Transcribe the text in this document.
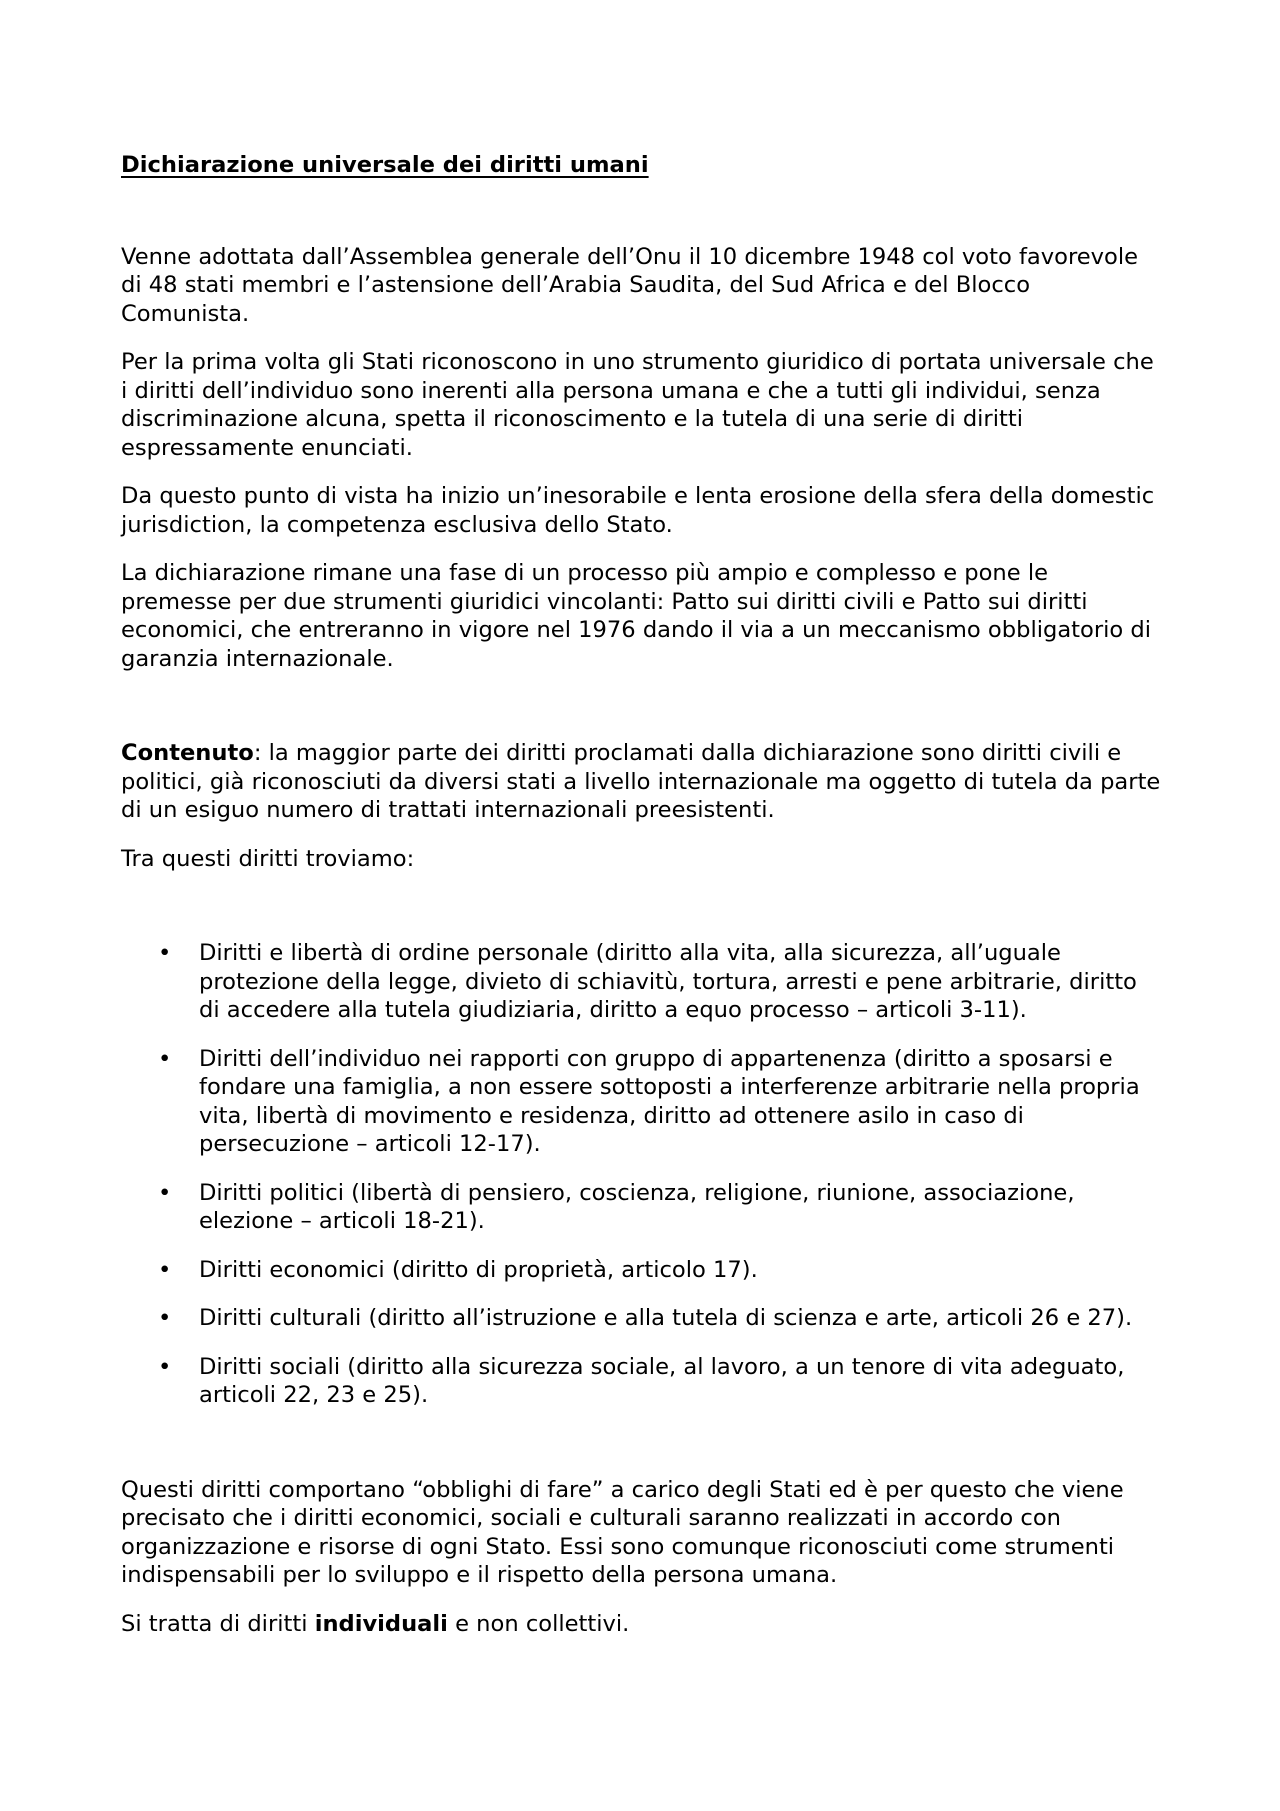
Dichiarazione universale dei diritti umani

Venne adottata dall’Assemblea generale dell’Onu il 10 dicembre 1948 col voto favorevole di 48 stati membri e l’astensione dell’Arabia Saudita, del Sud Africa e del Blocco Comunista.

Per la prima volta gli Stati riconoscono in uno strumento giuridico di portata universale che i diritti dell’individuo sono inerenti alla persona umana e che a tutti gli individui, senza discriminazione alcuna, spetta il riconoscimento e la tutela di una serie di diritti espressamente enunciati.

Da questo punto di vista ha inizio un’inesorabile e lenta erosione della sfera della domestic jurisdiction, la competenza esclusiva dello Stato.

La dichiarazione rimane una fase di un processo più ampio e complesso e pone le premesse per due strumenti giuridici vincolanti: Patto sui diritti civili e Patto sui diritti economici, che entreranno in vigore nel 1976 dando il via a un meccanismo obbligatorio di garanzia internazionale.

Contenuto: la maggior parte dei diritti proclamati dalla dichiarazione sono diritti civili e politici, già riconosciuti da diversi stati a livello internazionale ma oggetto di tutela da parte di un esiguo numero di trattati internazionali preesistenti.

Tra questi diritti troviamo:

• Diritti e libertà di ordine personale (diritto alla vita, alla sicurezza, all’uguale protezione della legge, divieto di schiavitù, tortura, arresti e pene arbitrarie, diritto di accedere alla tutela giudiziaria, diritto a equo processo – articoli 3-11).
• Diritti dell’individuo nei rapporti con gruppo di appartenenza (diritto a sposarsi e fondare una famiglia, a non essere sottoposti a interferenze arbitrarie nella propria vita, libertà di movimento e residenza, diritto ad ottenere asilo in caso di persecuzione – articoli 12-17).
• Diritti politici (libertà di pensiero, coscienza, religione, riunione, associazione, elezione – articoli 18-21).
• Diritti economici (diritto di proprietà, articolo 17).
• Diritti culturali (diritto all’istruzione e alla tutela di scienza e arte, articoli 26 e 27).
• Diritti sociali (diritto alla sicurezza sociale, al lavoro, a un tenore di vita adeguato, articoli 22, 23 e 25).

Questi diritti comportano “obblighi di fare” a carico degli Stati ed è per questo che viene precisato che i diritti economici, sociali e culturali saranno realizzati in accordo con organizzazione e risorse di ogni Stato. Essi sono comunque riconosciuti come strumenti indispensabili per lo sviluppo e il rispetto della persona umana.

Si tratta di diritti individuali e non collettivi.
